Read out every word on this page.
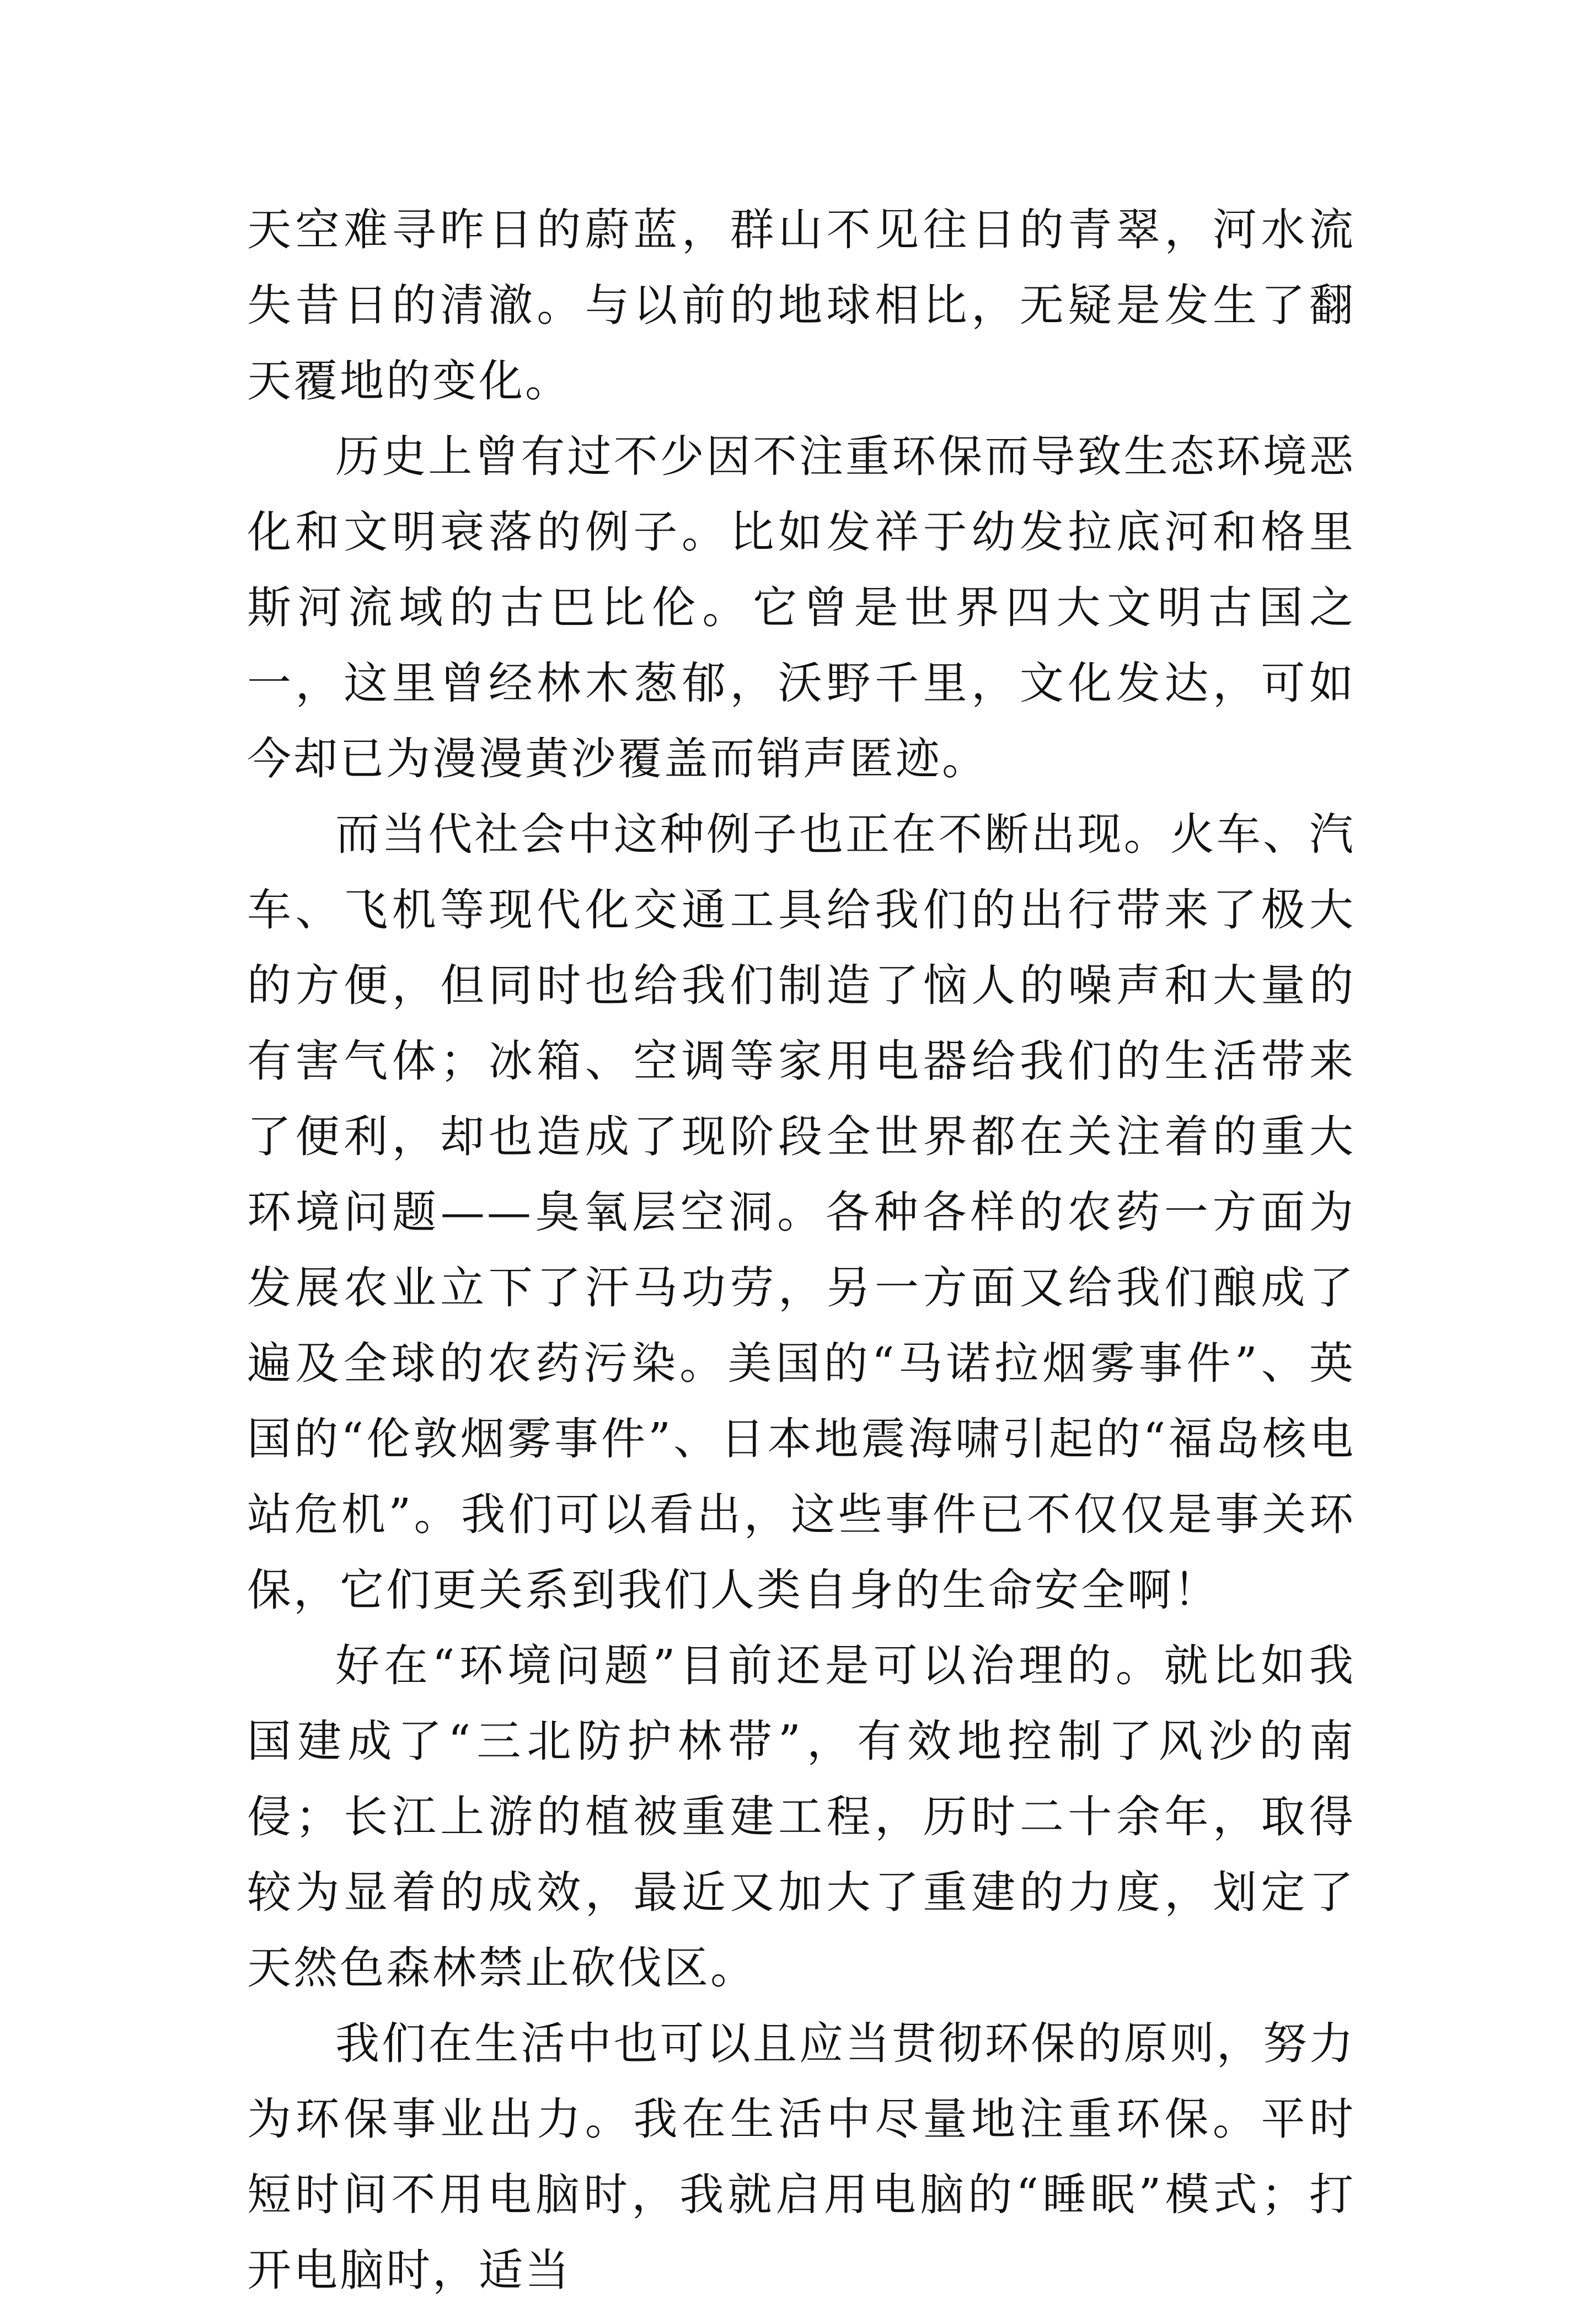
天空难寻昨日的蔚蓝，群山不见往日的青翠，河水流失昔日的清澈。与以前的地球相比，无疑是发生了翻天覆地的变化。

历史上曾有过不少因不注重环保而导致生态环境恶化和文明衰落的例子。比如发祥于幼发拉底河和格里斯河流域的古巴比伦。它曾是世界四大文明古国之一，这里曾经林木葱郁，沃野千里，文化发达，可如今却已为漫漫黄沙覆盖而销声匿迹。

而当代社会中这种例子也正在不断出现。火车、汽车、飞机等现代化交通工具给我们的出行带来了极大的方便，但同时也给我们制造了恼人的噪声和大量的有害气体；冰箱、空调等家用电器给我们的生活带来了便利，却也造成了现阶段全世界都在关注着的重大环境问题——臭氧层空洞。各种各样的农药一方面为发展农业立下了汗马功劳，另一方面又给我们酿成了遍及全球的农药污染。美国的“马诺拉烟雾事件”、英国的“伦敦烟雾事件”、日本地震海啸引起的“福岛核电站危机”。我们可以看出，这些事件已不仅仅是事关环保，它们更关系到我们人类自身的生命安全啊！

好在“环境问题”目前还是可以治理的。就比如我国建成了“三北防护林带”，有效地控制了风沙的南侵；长江上游的植被重建工程，历时二十余年，取得较为显着的成效，最近又加大了重建的力度，划定了天然色森林禁止砍伐区。

我们在生活中也可以且应当贯彻环保的原则，努力为环保事业出力。我在生活中尽量地注重环保。平时短时间不用电脑时，我就启用电脑的“睡眠”模式；打开电脑时，适当
